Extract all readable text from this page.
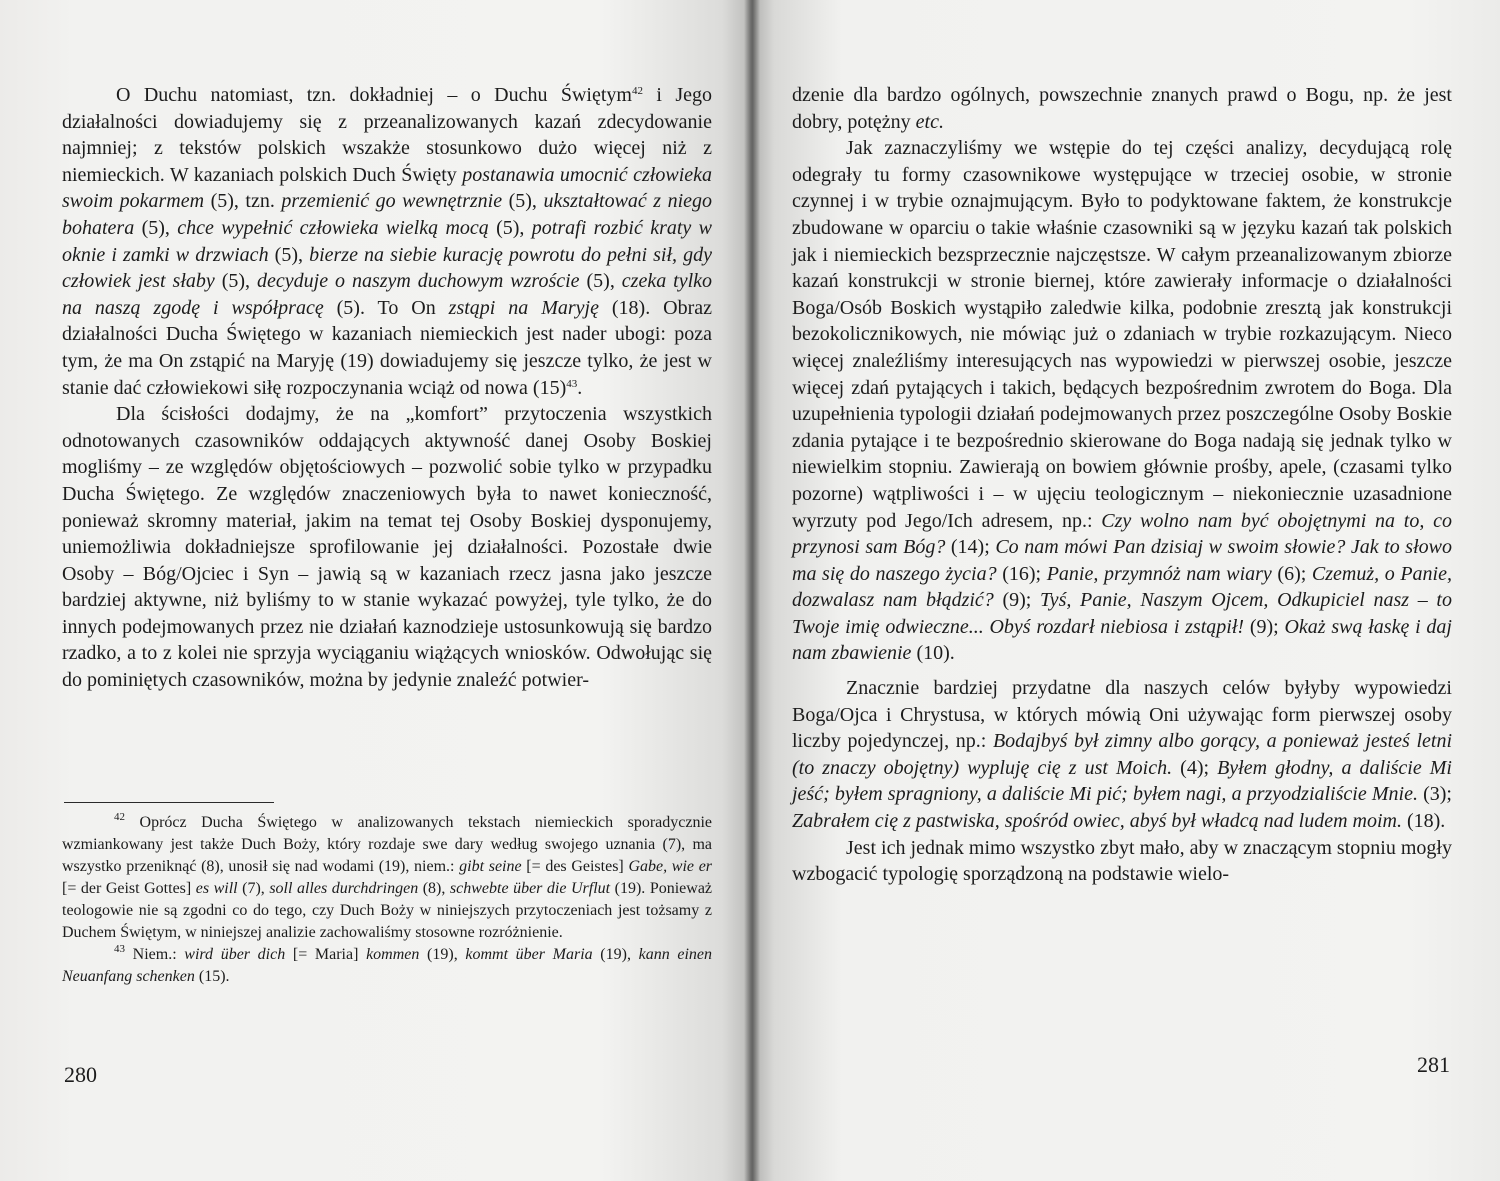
O Duchu natomiast, tzn. dokładniej – o Duchu Świętym$^{42}$ i Jego działalności dowiadujemy się z przeanalizowanych kazań zdecydowanie najmniej; z tekstów polskich wszakże stosunkowo dużo więcej niż z niemieckich. W kazaniach polskich Duch Święty postanawia umocnić człowieka swoim pokarmem (5), tzn. przemienić go wewnętrznie (5), ukształtować z niego bohatera (5), chce wypełnić człowieka wielką mocą (5), potrafi rozbić kraty w oknie i zamki w drzwiach (5), bierze na siebie kurację powrotu do pełni sił, gdy człowiek jest słaby (5), decyduje o naszym duchowym wzroście (5), czeka tylko na naszą zgodę i współpracę (5). To On zstąpi na Maryję (18). Obraz działalności Ducha Świętego w kazaniach niemieckich jest nader ubogi: poza tym, że ma On zstąpić na Maryję (19) dowiadujemy się jeszcze tylko, że jest w stanie dać człowiekowi siłę rozpoczynania wciąż od nowa $(15)^{43}$.

Dla ścisłości dodajmy, że na „komfort” przytoczenia wszystkich odnotowanych czasowników oddających aktywność danej Osoby Boskiej mogliśmy – ze względów objętościowych – pozwolić sobie tylko w przypadku Ducha Świętego. Ze względów znaczeniowych była to nawet konieczność, ponieważ skromny materiał, jakim na temat tej Osoby Boskiej dysponujemy, uniemożliwia dokładniejsze sprofilowanie jej działalności. Pozostałe dwie Osoby – Bóg/Ojciec i Syn – jawią są w kazaniach rzecz jasna jako jeszcze bardziej aktywne, niż byliśmy to w stanie wykazać powyżej, tyle tylko, że do innych podejmowanych przez nie działań kaznodzieje ustosunkowują się bardzo rzadko, a to z kolei nie sprzyja wyciąganiu wiążących wniosków. Odwołując się do pominiętych czasowników, można by jedynie znaleźć potwier-

$^{42}$ Oprócz Ducha Świętego w analizowanych tekstach niemieckich sporadycznie wzmiankowany jest także Duch Boży, który rozdaje swe dary według swojego uznania (7), ma wszystko przeniknąć (8), unosił się nad wodami (19), niem.: gibt seine [= des Geistes] Gabe, wie er [= der Geist Gottes] es will (7), soll alles durchdringen (8), schwebte über die Urflut (19). Ponieważ teologowie nie są zgodni co do tego, czy Duch Boży w niniejszych przytoczeniach jest tożsamy z Duchem Świętym, w niniejszej analizie zachowaliśmy stosowne rozróżnienie.

$^{43}$ Niem.: wird über dich [= Maria] kommen (19), kommt über Maria (19), kann einen Neuanfang schenken (15).

280

dzenie dla bardzo ogólnych, powszechnie znanych prawd o Bogu, np. że jest dobry, potężny etc.

Jak zaznaczyliśmy we wstępie do tej części analizy, decydującą rolę odegrały tu formy czasownikowe występujące w trzeciej osobie, w stronie czynnej i w trybie oznajmującym. Było to podyktowane faktem, że konstrukcje zbudowane w oparciu o takie właśnie czasowniki są w języku kazań tak polskich jak i niemieckich bezsprzecznie najczęstsze. W całym przeanalizowanym zbiorze kazań konstrukcji w stronie biernej, które zawierały informacje o działalności Boga/Osób Boskich wystąpiło zaledwie kilka, podobnie zresztą jak konstrukcji bezokolicznikowych, nie mówiąc już o zdaniach w trybie rozkazującym. Nieco więcej znaleźliśmy interesujących nas wypowiedzi w pierwszej osobie, jeszcze więcej zdań pytających i takich, będących bezpośrednim zwrotem do Boga. Dla uzupełnienia typologii działań podejmowanych przez poszczególne Osoby Boskie zdania pytające i te bezpośrednio skierowane do Boga nadają się jednak tylko w niewielkim stopniu. Zawierają on bowiem głównie prośby, apele, (czasami tylko pozorne) wątpliwości i – w ujęciu teologicznym – niekoniecznie uzasadnione wyrzuty pod Jego/Ich adresem, np.: Czy wolno nam być obojętnymi na to, co przynosi sam Bóg? (14); Co nam mówi Pan dzisiaj w swoim słowie? Jak to słowo ma się do naszego życia? (16); Panie, przymnóż nam wiary (6); Czemuż, o Panie, dozwalasz nam błądzić? (9); Tyś, Panie, Naszym Ojcem, Odkupiciel nasz – to Twoje imię odwieczne... Obyś rozdarł niebiosa i zstąpił! (9); Okaż swą łaskę i daj nam zbawienie (10).

Znacznie bardziej przydatne dla naszych celów byłyby wypowiedzi Boga/Ojca i Chrystusa, w których mówią Oni używając form pierwszej osoby liczby pojedynczej, np.: Bodajbyś był zimny albo gorący, a ponieważ jesteś letni (to znaczy obojętny) wypluję cię z ust Moich. (4); Byłem głodny, a daliście Mi jeść; byłem spragniony, a daliście Mi pić; byłem nagi, a przyodzialiście Mnie. (3); Zabrałem cię z pastwiska, spośród owiec, abyś był władcą nad ludem moim. (18).

Jest ich jednak mimo wszystko zbyt mało, aby w znaczącym stopniu mogły wzbogacić typologię sporządzoną na podstawie wielo-

281
